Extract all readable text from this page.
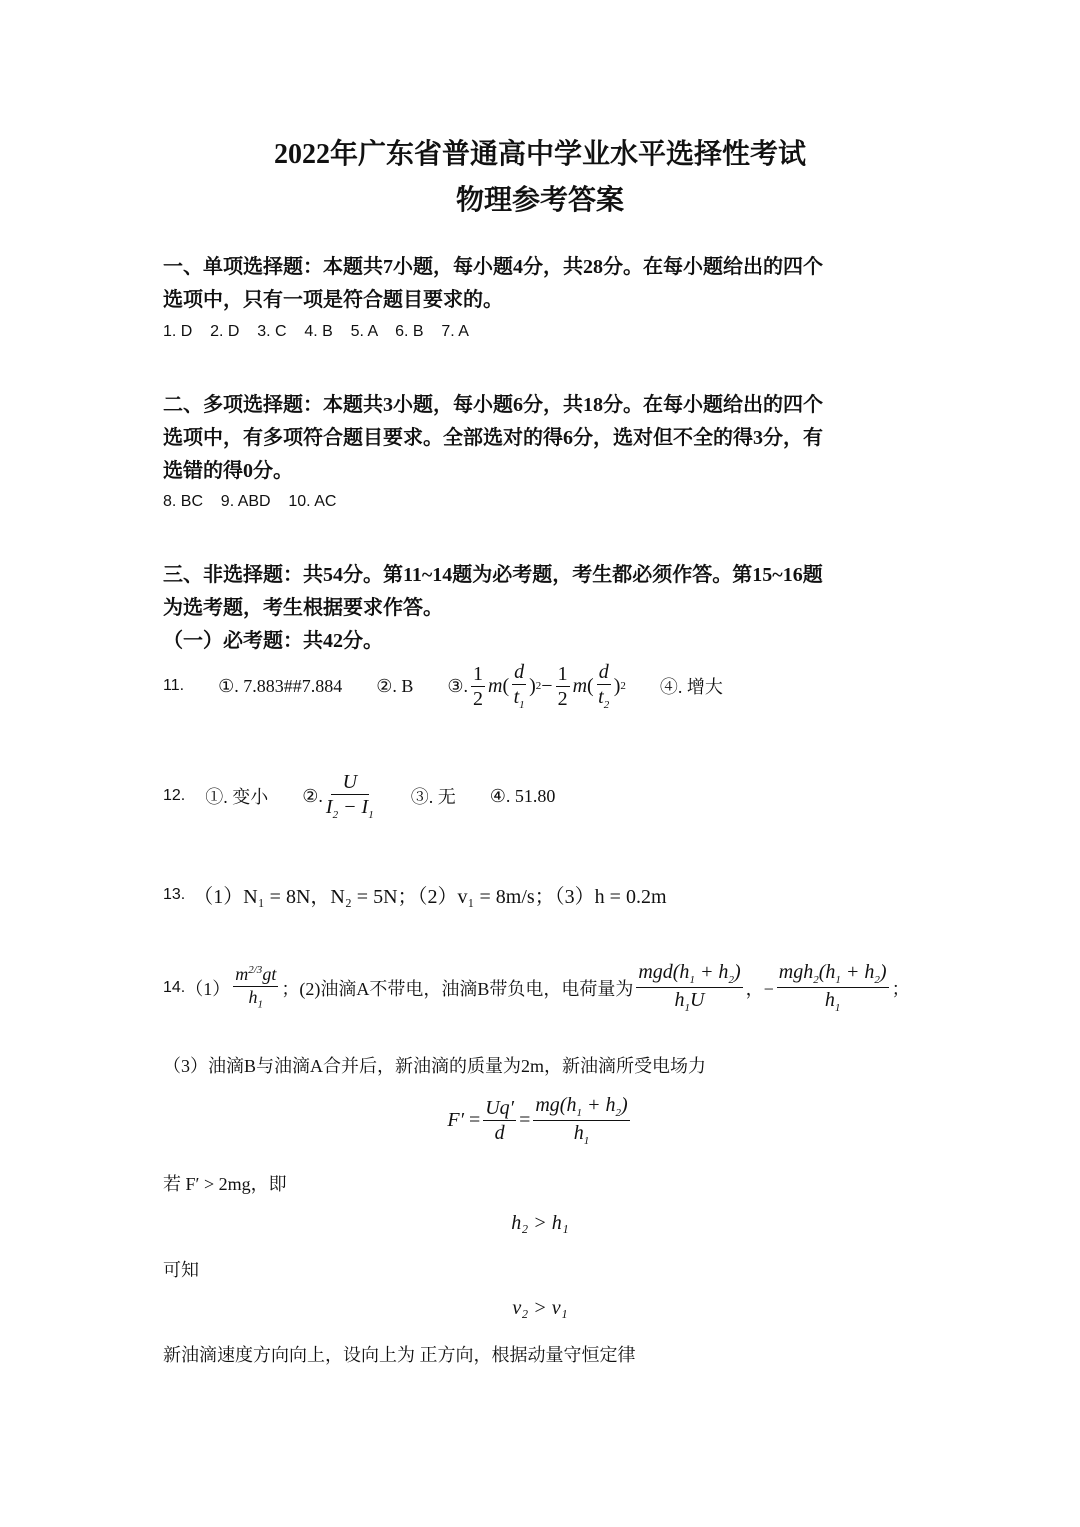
2022年广东省普通高中学业水平选择性考试
物理参考答案
一、单项选择题：本题共7小题，每小题4分，共28分。在每小题给出的四个
选项中，只有一项是符合题目要求的。
1. D    2. D    3. C    4. B    5. A    6. B    7. A
二、多项选择题：本题共3小题，每小题6分，共18分。在每小题给出的四个
选项中，有多项符合题目要求。全部选对的得6分，选对但不全的得3分，有
选错的得0分。
8. BC    9. ABD    10. AC
三、非选择题：共54分。第11~14题为必考题，考生都必须作答。第15~16题
为选考题，考生根据要求作答。
（一）必考题：共42分。
11. ①. 7.883##7.884 ②. B ③. $\frac{1}{2}$ m ( $\frac{d}{t_1}$ ) $2 - \frac{1}{2}$ m ( $\frac{d}{t_2}$ ) 2 ④. 增大
12. ①. 变小 ②. $\frac{U}{I_2 - I_1}$ ③. 无 ④. 51.80
13. （1）N₁ = 8N，N₂ = 5N；（2）v₁ = 8m/s；（3）h = 0.2m
14. $(1) \frac{m^{2/3}gt}{h_1}$ ；(2)油滴A不带电，油滴B带负电，电荷量为 $\frac{mgd(h_1 + h_2)}{h_1U}$ ，− $\frac{mgh_2(h_1 + h_2)}{h_1}$ ；
（3）油滴B与油滴A合并后，新油滴的质量为2m，新油滴所受电场力
$F' = \frac{Uq'}{d} = \frac{mg(h_1 + h_2)}{h_1}$
若 F′ > 2mg，即
h₂ > h₁
可知
v₂ > v₁
新油滴速度方向向上，设向上为 正方向，根据动量守恒定律
